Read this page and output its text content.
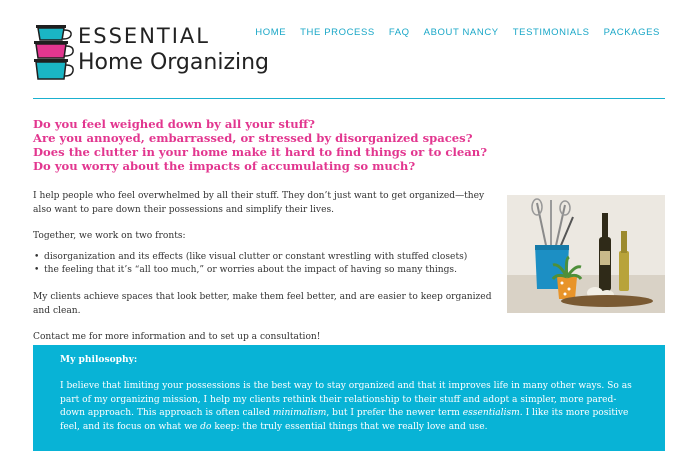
ESSENTIAL
Home Organizing
HOME THE PROCESS FAQ ABOUT NANCY TESTIMONIALS PACKAGES

Do you feel weighed down by all your stuff?

Are you annoyed, embarrassed, or stressed by disorganized spaces?

Does the clutter in your home make it hard to find things or to clean?

Do you worry about the impacts of accumulating so much?

I help people who feel overwhelmed by all their stuff. They don’t just want to get organized—they also want to pare down their possessions and simplify their lives.

Together, we work on two fronts:

• disorganization and its effects (like visual clutter or constant wrestling with stuffed closets)
• the feeling that it’s “all too much,” or worries about the impact of having so many things.

My clients achieve spaces that look better, make them feel better, and are easier to keep organized and clean.

Contact me for more information and to set up a consultation!

My philosophy:

I believe that limiting your possessions is the best way to stay organized and that it improves life in many other ways. So as part of my organizing mission, I help my clients rethink their relationship to their stuff and adopt a simpler, more pared-down approach. This approach is often called minimalism, but I prefer the newer term essentialism. I like its more positive feel, and its focus on what we do keep: the truly essential things that we really love and use.
